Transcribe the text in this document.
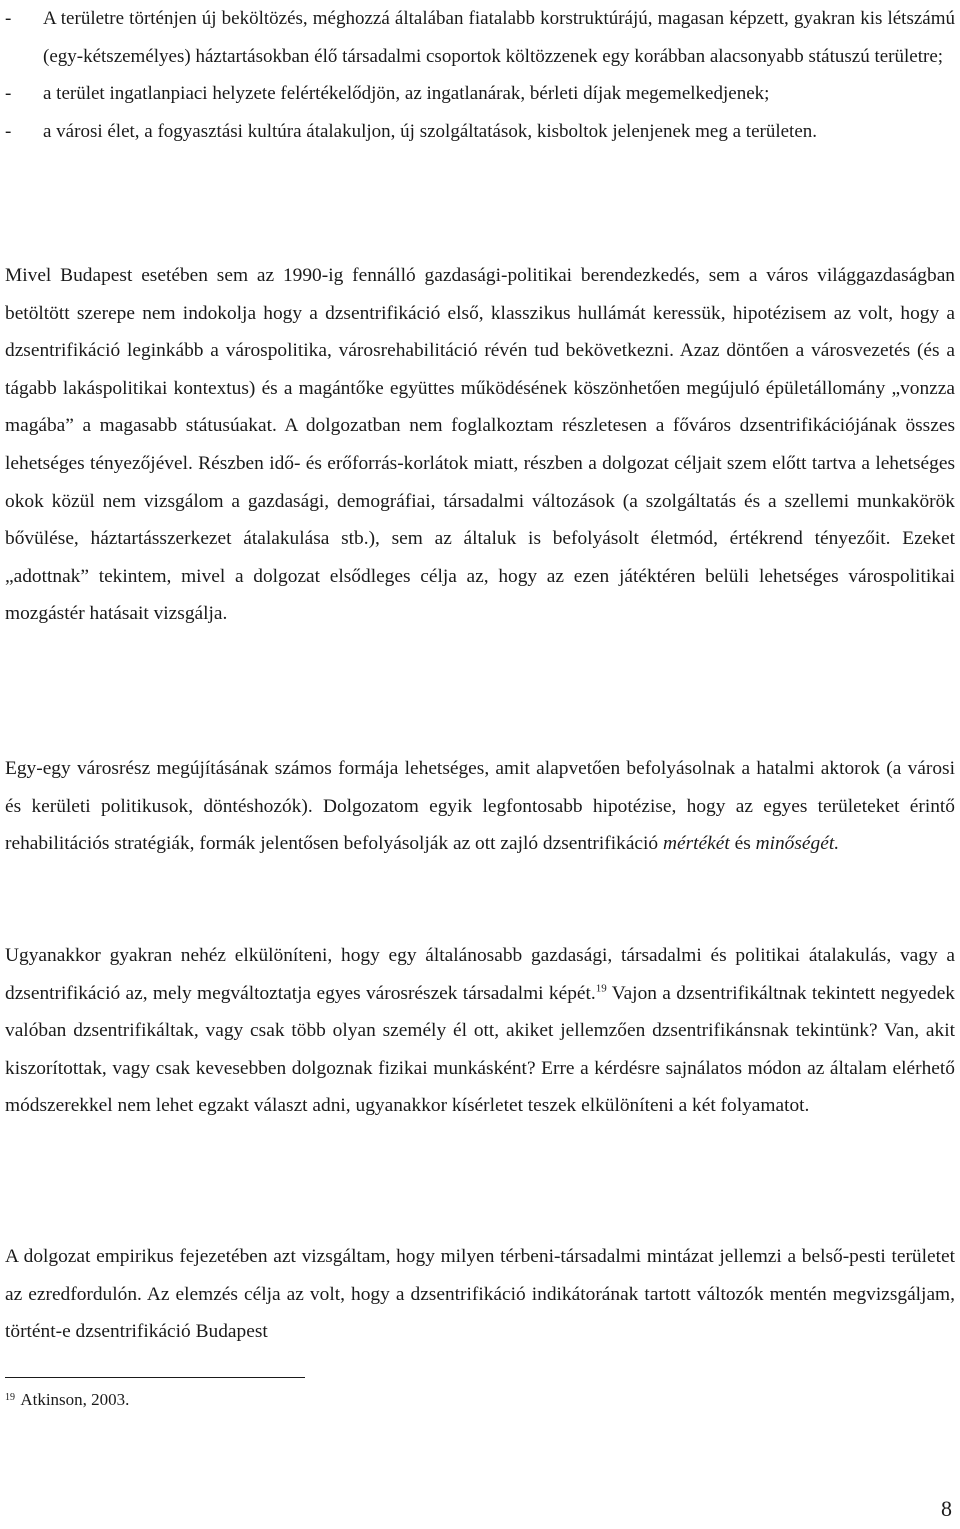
- A területre történjen új beköltözés, méghozzá általában fiatalabb korstruktúrájú, magasan képzett, gyakran kis létszámú (egy-kétszemélyes) háztartásokban élő társadalmi csoportok költözzenek egy korábban alacsonyabb státuszú területre;

- a terület ingatlanpiaci helyzete felértékelődjön, az ingatlanárak, bérleti díjak megemelkedjenek;

- a városi élet, a fogyasztási kultúra átalakuljon, új szolgáltatások, kisboltok jelenjenek meg a területen.

Mivel Budapest esetében sem az 1990-ig fennálló gazdasági-politikai berendezkedés, sem a város világgazdaságban betöltött szerepe nem indokolja hogy a dzsentrifikáció első, klasszikus hullámát keressük, hipotézisem az volt, hogy a dzsentrifikáció leginkább a várospolitika, városrehabilitáció révén tud bekövetkezni. Azaz döntően a városvezetés (és a tágabb lakáspolitikai kontextus) és a magántőke együttes működésének köszönhetően megújuló épületállomány „vonzza magába” a magasabb státusúakat. A dolgozatban nem foglalkoztam részletesen a főváros dzsentrifikációjának összes lehetséges tényezőjével. Részben idő- és erőforrás-korlátok miatt, részben a dolgozat céljait szem előtt tartva a lehetséges okok közül nem vizsgálom a gazdasági, demográfiai, társadalmi változások (a szolgáltatás és a szellemi munkakörök bővülése, háztartásszerkezet átalakulása stb.), sem az általuk is befolyásolt életmód, értékrend tényezőit. Ezeket „adottnak” tekintem, mivel a dolgozat elsődleges célja az, hogy az ezen játéktéren belüli lehetséges várospolitikai mozgástér hatásait vizsgálja.

Egy-egy városrész megújításának számos formája lehetséges, amit alapvetően befolyásolnak a hatalmi aktorok (a városi és kerületi politikusok, döntéshozók). Dolgozatom egyik legfontosabb hipotézise, hogy az egyes területeket érintő rehabilitációs stratégiák, formák jelentősen befolyásolják az ott zajló dzsentrifikáció mértékét és minőségét.

Ugyanakkor gyakran nehéz elkülöníteni, hogy egy általánosabb gazdasági, társadalmi és politikai átalakulás, vagy a dzsentrifikáció az, mely megváltoztatja egyes városrészek társadalmi képét.$^{19}$ Vajon a dzsentrifikáltnak tekintett negyedek valóban dzsentrifikáltak, vagy csak több olyan személy él ott, akiket jellemzően dzsentrifikánsnak tekintünk? Van, akit kiszorítottak, vagy csak kevesebben dolgoznak fizikai munkásként? Erre a kérdésre sajnálatos módon az általam elérhető módszerekkel nem lehet egzakt választ adni, ugyanakkor kísérletet teszek elkülöníteni a két folyamatot.

A dolgozat empirikus fejezetében azt vizsgáltam, hogy milyen térbeni-társadalmi mintázat jellemzi a belső-pesti területet az ezredfordulón. Az elemzés célja az volt, hogy a dzsentrifikáció indikátorának tartott változók mentén megvizsgáljam, történt-e dzsentrifikáció Budapest

$^{19}$ Atkinson, 2003.
8
